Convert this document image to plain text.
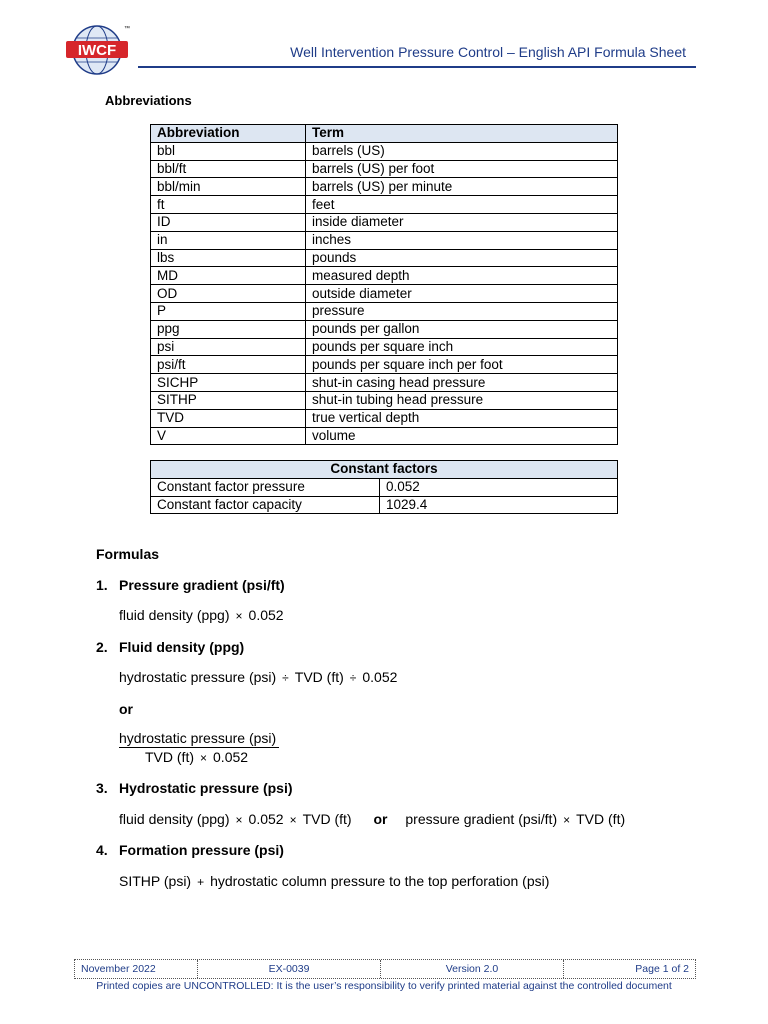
IWCF
™
Well Intervention Pressure Control – English API Formula Sheet
Abbreviations
Abbreviation	Term
bbl	barrels (US)
bbl/ft	barrels (US) per foot
bbl/min	barrels (US) per minute
ft	feet
ID	inside diameter
in	inches
lbs	pounds
MD	measured depth
OD	outside diameter
P	pressure
ppg	pounds per gallon
psi	pounds per square inch
psi/ft	pounds per square inch per foot
SICHP	shut-in casing head pressure
SITHP	shut-in tubing head pressure
TVD	true vertical depth
V	volume
Constant factors	
Constant factor pressure	0.052
Constant factor capacity	1029.4
Formulas
1. Pressure gradient (psi/ft)
fluid density (ppg) × 0.052
2. Fluid density (ppg)
hydrostatic pressure (psi) ÷ TVD (ft) ÷ 0.052
or
hydrostatic pressure (psi)
TVD (ft) × 0.052
3. Hydrostatic pressure (psi)
fluid density (ppg) × 0.052 × TVD (ft) or pressure gradient (psi/ft) × TVD (ft)
4. Formation pressure (psi)
SITHP (psi) + hydrostatic column pressure to the top perforation (psi)
November 2022	EX-0039	Version 2.0	Page 1 of 2
Printed copies are UNCONTROLLED: It is the user’s responsibility to verify printed material against the controlled document
